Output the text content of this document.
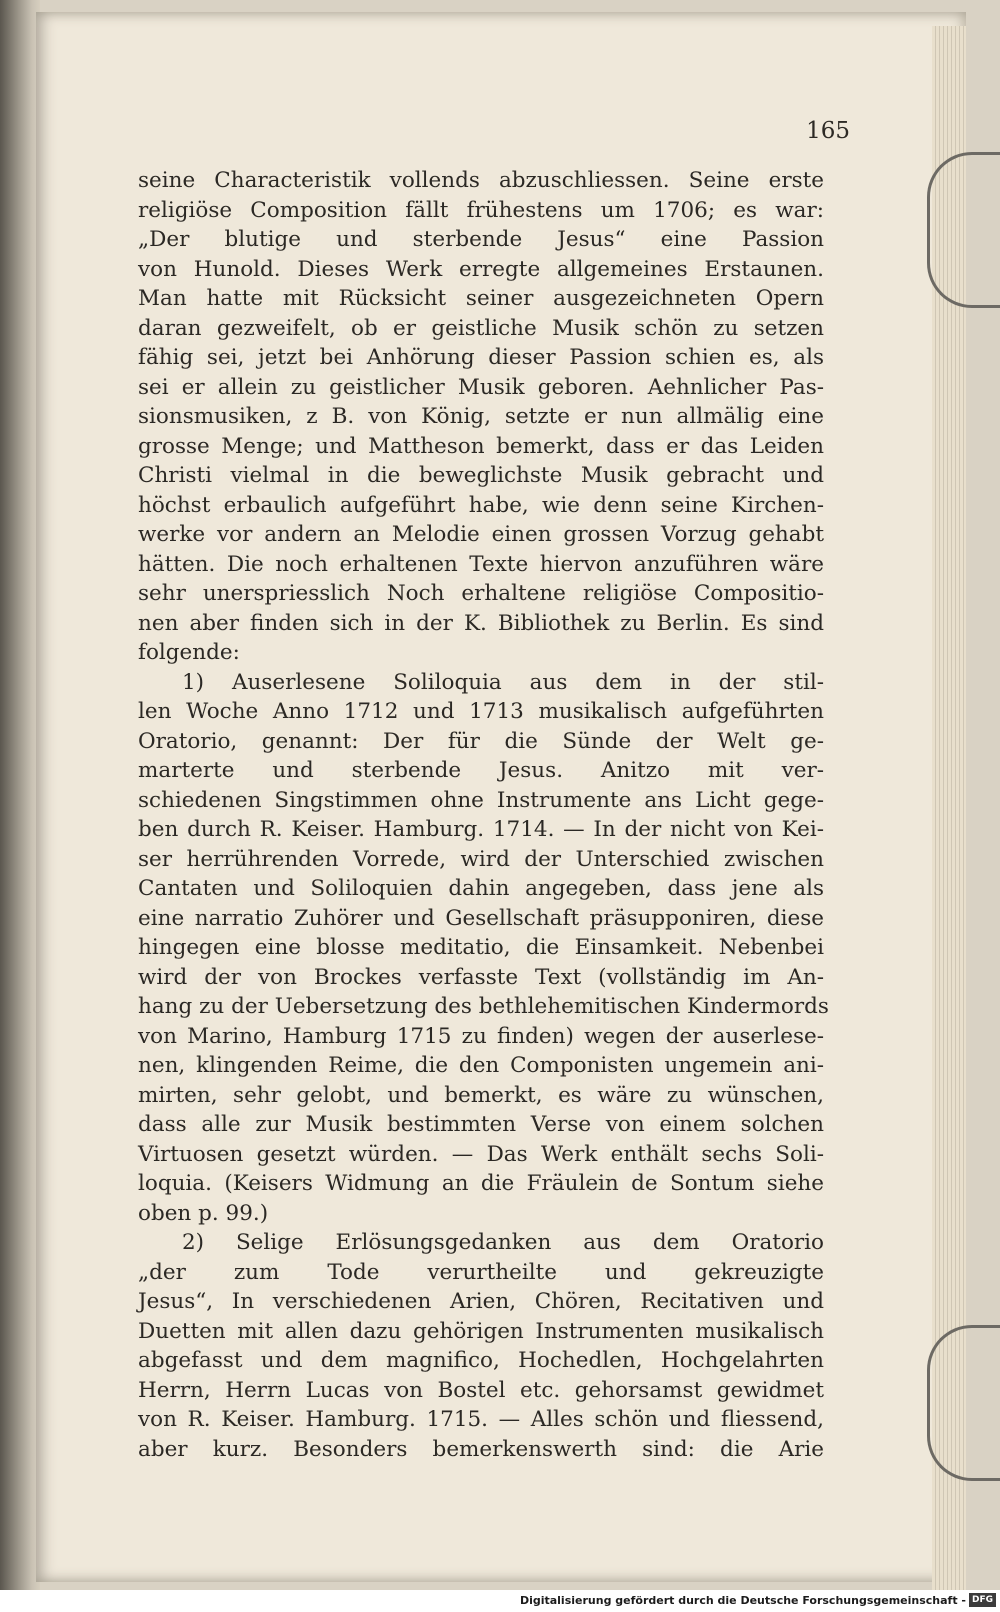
165
seine Characteristik vollends abzuschliessen. Seine erste
religiöse Composition fällt frühestens um 1706; es war:
„Der blutige und sterbende Jesus“ eine Passion
von Hunold. Dieses Werk erregte allgemeines Erstaunen.
Man hatte mit Rücksicht seiner ausgezeichneten Opern
daran gezweifelt, ob er geistliche Musik schön zu setzen
fähig sei, jetzt bei Anhörung dieser Passion schien es, als
sei er allein zu geistlicher Musik geboren. Aehnlicher Pas-
sionsmusiken, z B. von König, setzte er nun allmälig eine
grosse Menge; und Mattheson bemerkt, dass er das Leiden
Christi vielmal in die beweglichste Musik gebracht und
höchst erbaulich aufgeführt habe, wie denn seine Kirchen-
werke vor andern an Melodie einen grossen Vorzug gehabt
hätten. Die noch erhaltenen Texte hiervon anzuführen wäre
sehr unerspriesslich Noch erhaltene religiöse Compositio-
nen aber finden sich in der K. Bibliothek zu Berlin. Es sind
folgende:
1) Auserlesene Soliloquia aus dem in der stil-
len Woche Anno 1712 und 1713 musikalisch aufgeführten
Oratorio, genannt: Der für die Sünde der Welt ge-
marterte und sterbende Jesus. Anitzo mit ver-
schiedenen Singstimmen ohne Instrumente ans Licht gege-
ben durch R. Keiser. Hamburg. 1714. — In der nicht von Kei-
ser herrührenden Vorrede, wird der Unterschied zwischen
Cantaten und Soliloquien dahin angegeben, dass jene als
eine narratio Zuhörer und Gesellschaft präsupponiren, diese
hingegen eine blosse meditatio, die Einsamkeit. Nebenbei
wird der von Brockes verfasste Text (vollständig im An-
hang zu der Uebersetzung des bethlehemitischen Kindermords
von Marino, Hamburg 1715 zu finden) wegen der auserlese-
nen, klingenden Reime, die den Componisten ungemein ani-
mirten, sehr gelobt, und bemerkt, es wäre zu wünschen,
dass alle zur Musik bestimmten Verse von einem solchen
Virtuosen gesetzt würden. — Das Werk enthält sechs Soli-
loquia. (Keisers Widmung an die Fräulein de Sontum siehe
oben p. 99.)
2) Selige Erlösungsgedanken aus dem Oratorio
„der zum Tode verurtheilte und gekreuzigte
Jesus“, In verschiedenen Arien, Chören, Recitativen und
Duetten mit allen dazu gehörigen Instrumenten musikalisch
abgefasst und dem magnifico, Hochedlen, Hochgelahrten
Herrn, Herrn Lucas von Bostel etc. gehorsamst gewidmet
von R. Keiser. Hamburg. 1715. — Alles schön und fliessend,
aber kurz. Besonders bemerkenswerth sind: die Arie
Digitalisierung gefördert durch die Deutsche Forschungsgemeinschaft - DFG
